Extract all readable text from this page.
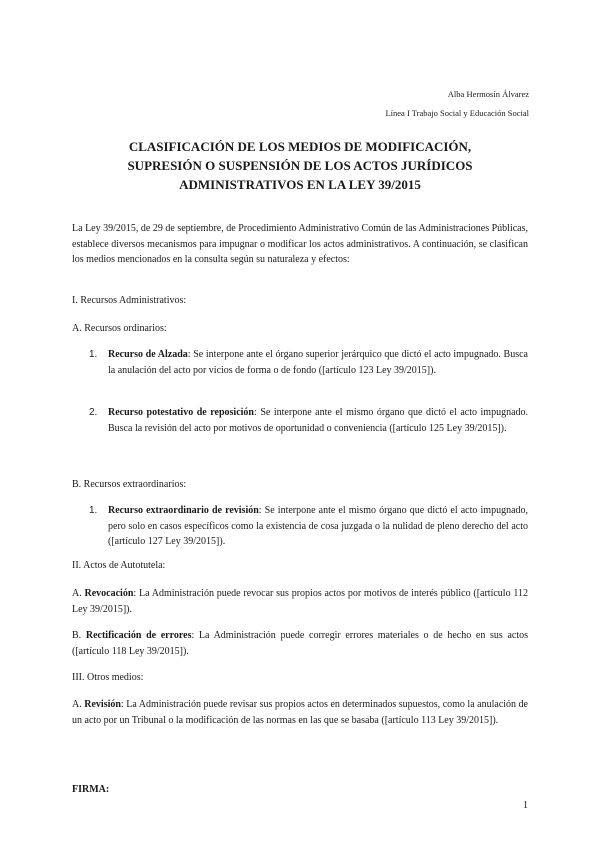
Alba Hermosín Álvarez
Línea I Trabajo Social y Educación Social
CLASIFICACIÓN DE LOS MEDIOS DE MODIFICACIÓN,
SUPRESIÓN O SUSPENSIÓN DE LOS ACTOS JURÍDICOS
ADMINISTRATIVOS EN LA LEY 39/2015
La Ley 39/2015, de 29 de septiembre, de Procedimiento Administrativo Común de las Administraciones Públicas, establece diversos mecanismos para impugnar o modificar los actos administrativos. A continuación, se clasifican los medios mencionados en la consulta según su naturaleza y efectos:
I. Recursos Administrativos:
A. Recursos ordinarios:
1. Recurso de Alzada: Se interpone ante el órgano superior jerárquico que dictó el acto impugnado. Busca la anulación del acto por vicios de forma o de fondo ([artículo 123 Ley 39/2015]).
2. Recurso potestativo de reposición: Se interpone ante el mismo órgano que dictó el acto impugnado. Busca la revisión del acto por motivos de oportunidad o conveniencia ([artículo 125 Ley 39/2015]).
B. Recursos extraordinarios:
1. Recurso extraordinario de revisión: Se interpone ante el mismo órgano que dictó el acto impugnado, pero solo en casos específicos como la existencia de cosa juzgada o la nulidad de pleno derecho del acto ([artículo 127 Ley 39/2015]).
II. Actos de Autotutela:
A. Revocación: La Administración puede revocar sus propios actos por motivos de interés público ([artículo 112 Ley 39/2015]).
B. Rectificación de errores: La Administración puede corregir errores materiales o de hecho en sus actos ([artículo 118 Ley 39/2015]).
III. Otros medios:
A. Revisión: La Administración puede revisar sus propios actos en determinados supuestos, como la anulación de un acto por un Tribunal o la modificación de las normas en las que se basaba ([artículo 113 Ley 39/2015]).
FIRMA:
1
